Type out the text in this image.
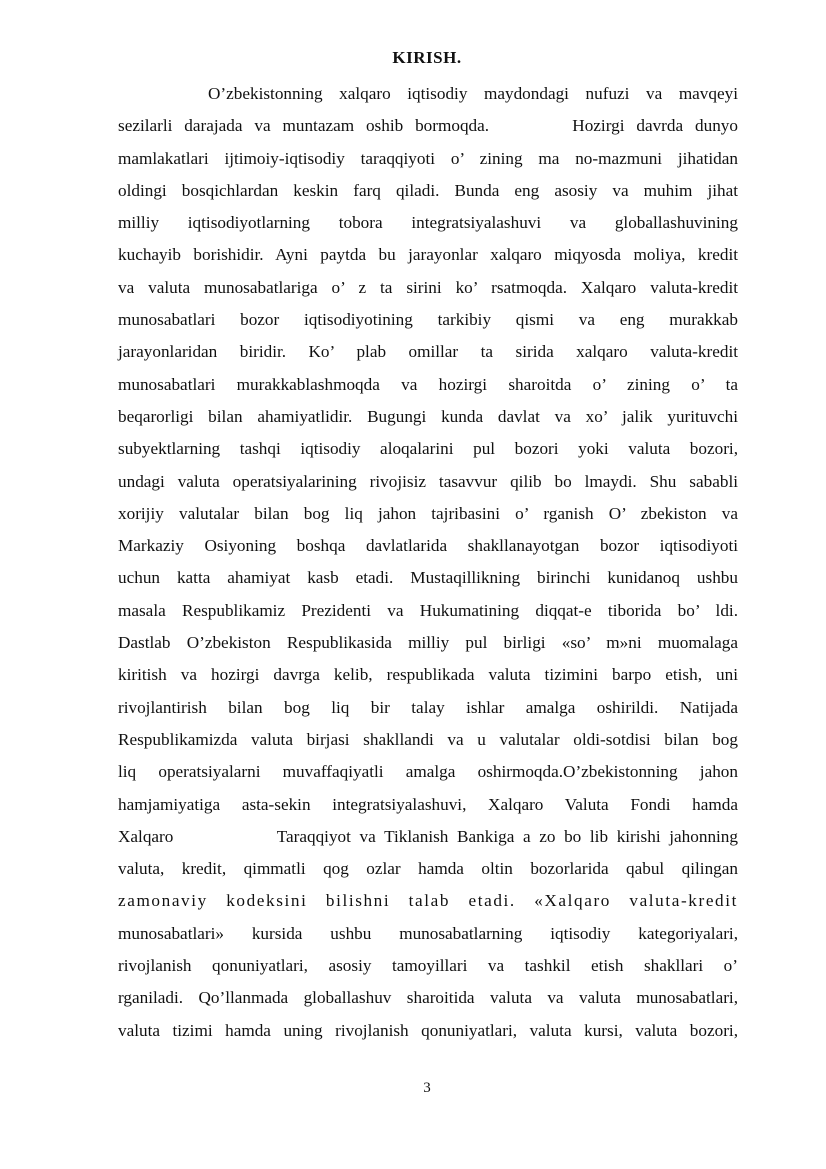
KIRISH.
O’zbekistonning xalqaro iqtisodiy maydondagi nufuzi va mavqeyi
sezilarli darajada va muntazam oshib bormoqda.       Hozirgi davrda dunyo
mamlakatlari ijtimoiy-iqtisodiy taraqqiyoti o’ zining ma no-mazmuni jihatidan
oldingi bosqichlardan keskin farq qiladi. Bunda eng asosiy va muhim jihat
milliy iqtisodiyotlarning tobora integratsiyalashuvi va globallashuvining
kuchayib borishidir. Ayni paytda bu jarayonlar xalqaro miqyosda moliya, kredit
va valuta munosabatlariga o’ z ta sirini ko’ rsatmoqda. Xalqaro valuta-kredit
munosabatlari bozor iqtisodiyotining tarkibiy qismi va eng murakkab
jarayonlaridan biridir. Ko’ plab omillar ta sirida xalqaro valuta-kredit
munosabatlari murakkablashmoqda va hozirgi sharoitda o’ zining o’ ta
beqarorligi bilan ahamiyatlidir. Bugungi kunda davlat va xo’ jalik yurituvchi
subyektlarning tashqi iqtisodiy aloqalarini pul bozori yoki valuta bozori,
undagi valuta operatsiyalarining rivojisiz tasavvur qilib bo lmaydi. Shu sababli
xorijiy valutalar bilan bog liq jahon tajribasini o’ rganish O’ zbekiston va
Markaziy Osiyoning boshqa davlatlarida shakllanayotgan bozor iqtisodiyoti
uchun katta ahamiyat kasb etadi. Mustaqillikning birinchi kunidanoq ushbu
masala Respublikamiz Prezidenti va Hukumatining diqqat-e tiborida bo’ ldi.
Dastlab O’zbekiston Respublikasida milliy pul birligi «so’ m»ni muomalaga
kiritish va hozirgi davrga kelib, respublikada valuta tizimini barpo etish, uni
rivojlantirish bilan bog liq bir talay ishlar amalga oshirildi. Natijada
Respublikamizda valuta birjasi shakllandi va u valutalar oldi-sotdisi bilan bog
liq operatsiyalarni muvaffaqiyatli amalga oshirmoqda.O’zbekistonning jahon
hamjamiyatiga asta-sekin integratsiyalashuvi, Xalqaro Valuta Fondi hamda
Xalqaro            Taraqqiyot va Tiklanish Bankiga a zo bo lib kirishi jahonning
valuta, kredit, qimmatli qog ozlar hamda oltin bozorlarida qabul qilingan
zamonaviy kodeksini bilishni talab etadi. «Xalqaro valuta-kredit
munosabatlari» kursida ushbu munosabatlarning iqtisodiy kategoriyalari,
rivojlanish qonuniyatlari, asosiy tamoyillari va tashkil etish shakllari o’
rganiladi. Qo’llanmada globallashuv sharoitida valuta va valuta munosabatlari,
valuta tizimi hamda uning rivojlanish qonuniyatlari, valuta kursi, valuta bozori,
3
